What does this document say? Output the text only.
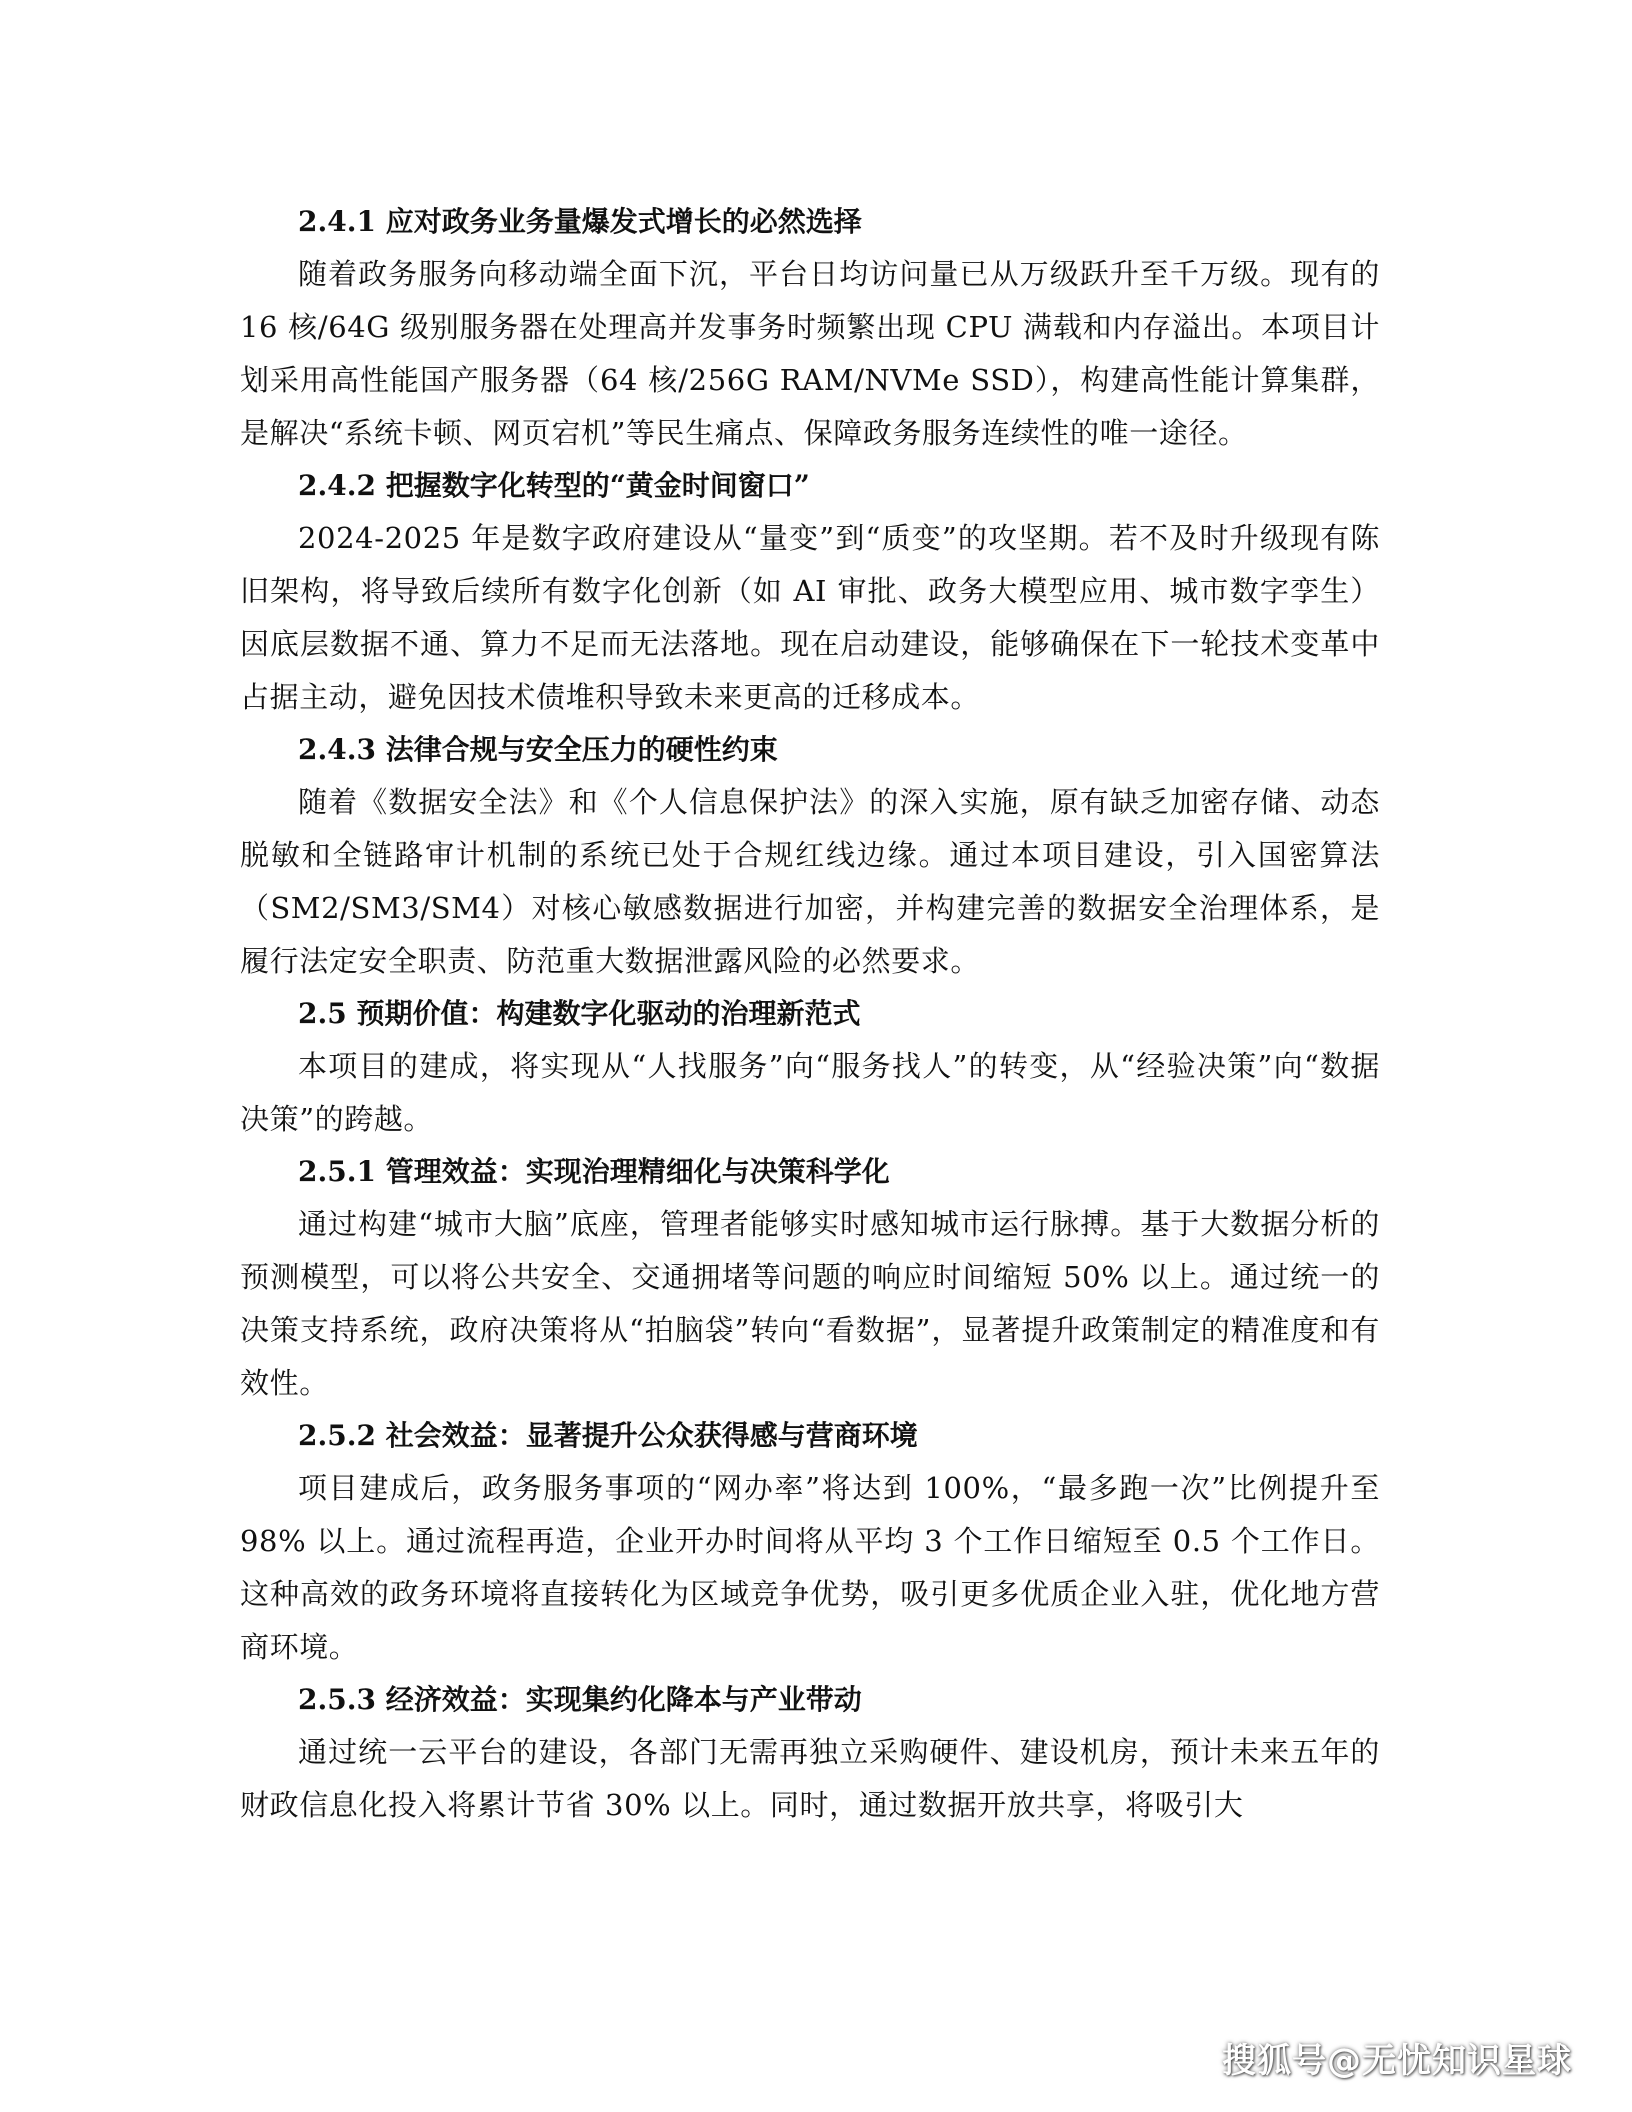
2.4.1 应对政务业务量爆发式增长的必然选择

随着政务服务向移动端全面下沉，平台日均访问量已从万级跃升至千万级。现有的 16 核/64G 级别服务器在处理高并发事务时频繁出现 CPU 满载和内存溢出。本项目计划采用高性能国产服务器（64 核/256G RAM/NVMe SSD），构建高性能计算集群，是解决“系统卡顿、网页宕机”等民生痛点、保障政务服务连续性的唯一途径。

2.4.2 把握数字化转型的“黄金时间窗口”

2024-2025 年是数字政府建设从“量变”到“质变”的攻坚期。若不及时升级现有陈旧架构，将导致后续所有数字化创新（如 AI 审批、政务大模型应用、城市数字孪生）因底层数据不通、算力不足而无法落地。现在启动建设，能够确保在下一轮技术变革中占据主动，避免因技术债堆积导致未来更高的迁移成本。

2.4.3 法律合规与安全压力的硬性约束

随着《数据安全法》和《个人信息保护法》的深入实施，原有缺乏加密存储、动态脱敏和全链路审计机制的系统已处于合规红线边缘。通过本项目建设，引入国密算法（SM2/SM3/SM4）对核心敏感数据进行加密，并构建完善的数据安全治理体系，是履行法定安全职责、防范重大数据泄露风险的必然要求。

2.5 预期价值：构建数字化驱动的治理新范式

本项目的建成，将实现从“人找服务”向“服务找人”的转变，从“经验决策”向“数据决策”的跨越。

2.5.1 管理效益：实现治理精细化与决策科学化

通过构建“城市大脑”底座，管理者能够实时感知城市运行脉搏。基于大数据分析的预测模型，可以将公共安全、交通拥堵等问题的响应时间缩短 50% 以上。通过统一的决策支持系统，政府决策将从“拍脑袋”转向“看数据”，显著提升政策制定的精准度和有效性。

2.5.2 社会效益：显著提升公众获得感与营商环境

项目建成后，政务服务事项的“网办率”将达到 100%，“最多跑一次”比例提升至 98% 以上。通过流程再造，企业开办时间将从平均 3 个工作日缩短至 0.5 个工作日。这种高效的政务环境将直接转化为区域竞争优势，吸引更多优质企业入驻，优化地方营商环境。

2.5.3 经济效益：实现集约化降本与产业带动

通过统一云平台的建设，各部门无需再独立采购硬件、建设机房，预计未来五年的财政信息化投入将累计节省 30% 以上。同时，通过数据开放共享，将吸引大

搜狐号@无忧知识星球
